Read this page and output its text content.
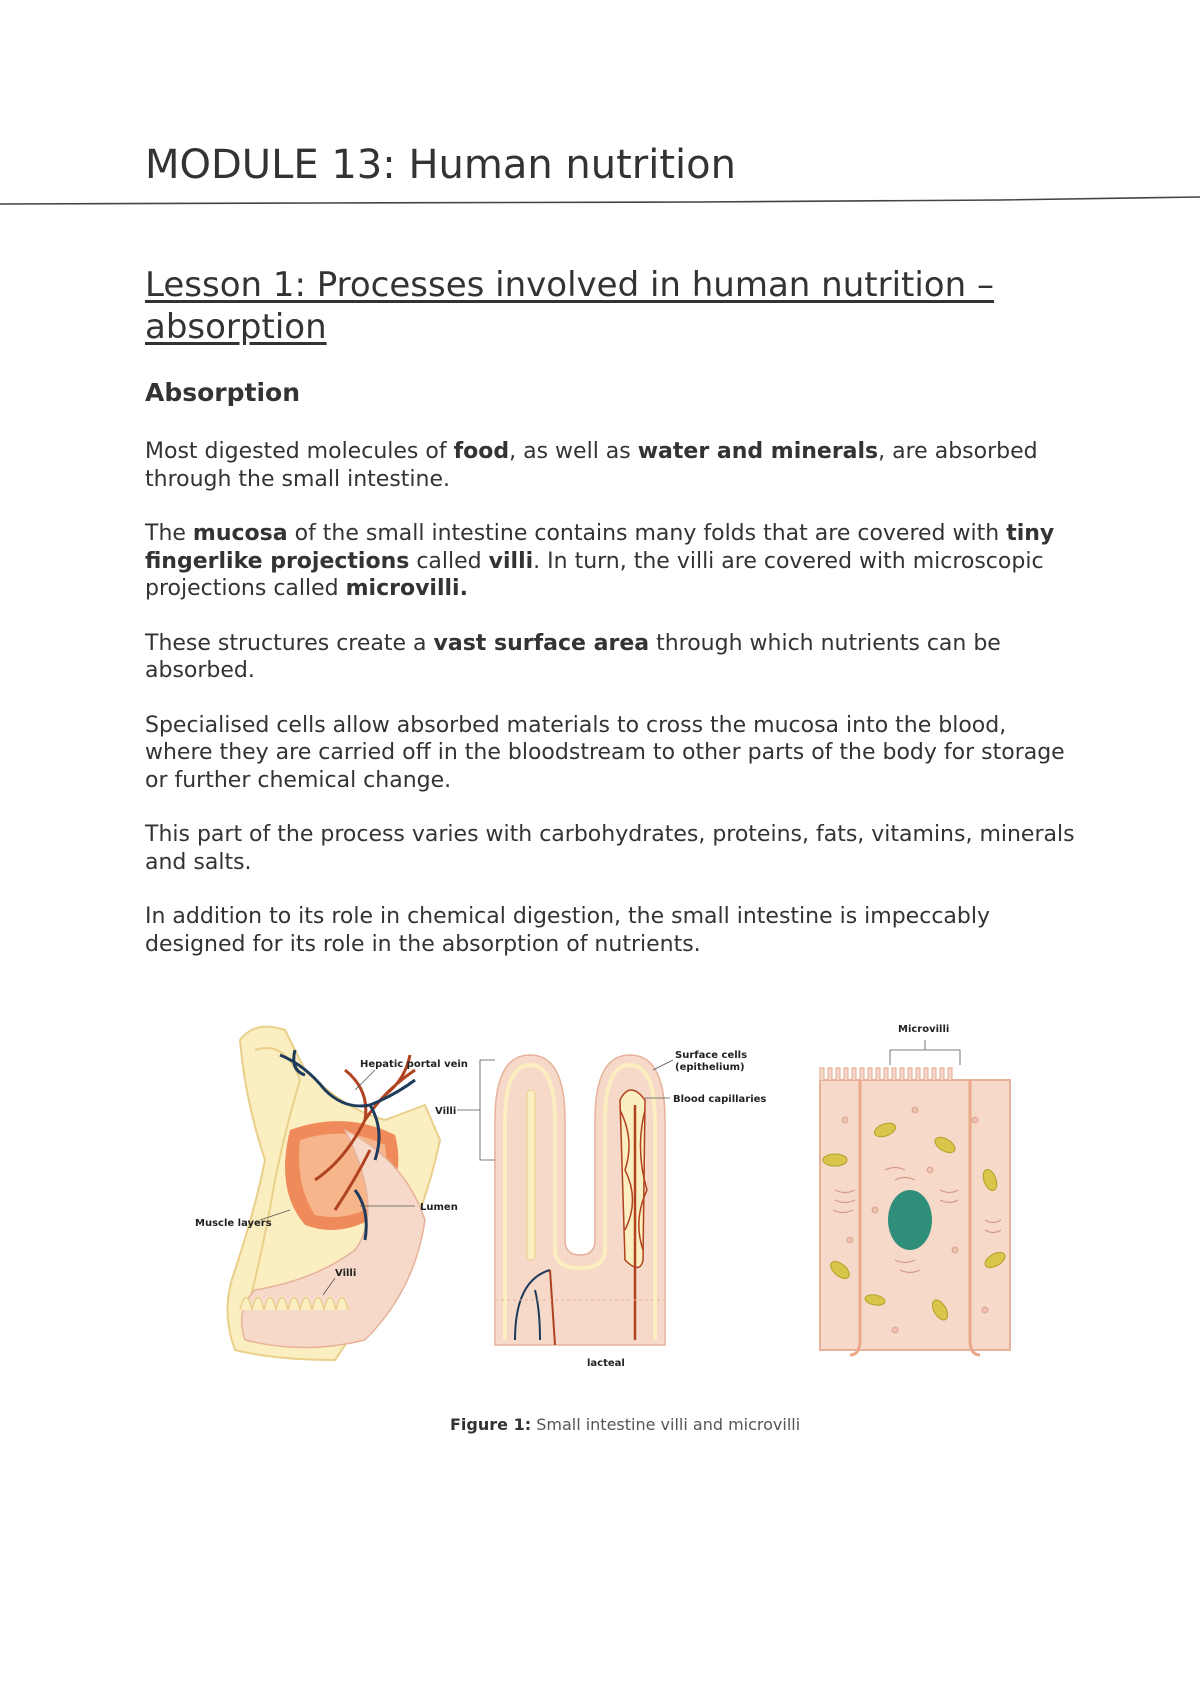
MODULE 13: Human nutrition
Lesson 1: Processes involved in human nutrition – absorption
Absorption

Most digested molecules of food, as well as water and minerals, are absorbed through the small intestine.

The mucosa of the small intestine contains many folds that are covered with tiny fingerlike projections called villi. In turn, the villi are covered with microscopic projections called microvilli.

These structures create a vast surface area through which nutrients can be absorbed.

Specialised cells allow absorbed materials to cross the mucosa into the blood, where they are carried off in the bloodstream to other parts of the body for storage or further chemical change.

This part of the process varies with carbohydrates, proteins, fats, vitamins, minerals and salts.

In addition to its role in chemical digestion, the small intestine is impeccably designed for its role in the absorption of nutrients.

Hepatic portal vein
Lumen
Muscle layers
Villi
Villi
Surface cells
(epithelium)
Blood capillaries
lacteal
Microvilli

Figure 1: Small intestine villi and microvilli
